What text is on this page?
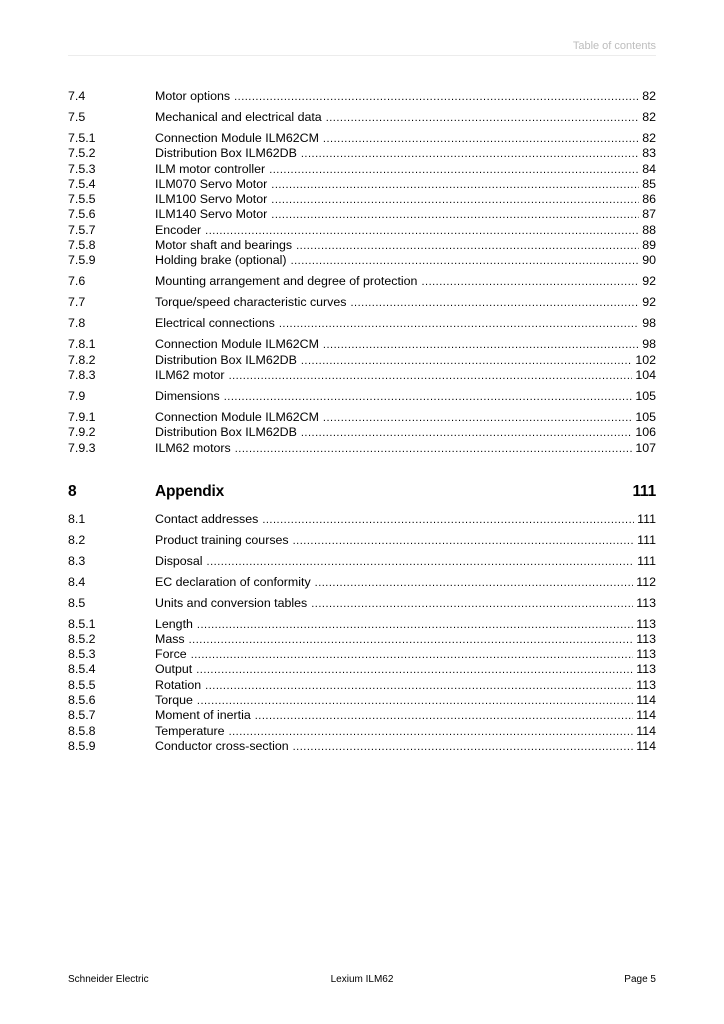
Table of contents
7.4	Motor options .....	82
7.5	Mechanical and electrical data .....	82
7.5.1	Connection Module ILM62CM .....	82
7.5.2	Distribution Box ILM62DB .....	83
7.5.3	ILM motor controller .....	84
7.5.4	ILM070 Servo Motor .....	85
7.5.5	ILM100 Servo Motor .....	86
7.5.6	ILM140 Servo Motor .....	87
7.5.7	Encoder .....	88
7.5.8	Motor shaft and bearings .....	89
7.5.9	Holding brake (optional) .....	90
7.6	Mounting arrangement and degree of protection .....	92
7.7	Torque/speed characteristic curves .....	92
7.8	Electrical connections .....	98
7.8.1	Connection Module ILM62CM .....	98
7.8.2	Distribution Box ILM62DB .....	102
7.8.3	ILM62 motor .....	104
7.9	Dimensions .....	105
7.9.1	Connection Module ILM62CM .....	105
7.9.2	Distribution Box ILM62DB .....	106
7.9.3	ILM62 motors .....	107
8	Appendix	111
8.1	Contact addresses .....	111
8.2	Product training courses .....	111
8.3	Disposal .....	111
8.4	EC declaration of conformity .....	112
8.5	Units and conversion tables .....	113
8.5.1	Length .....	113
8.5.2	Mass .....	113
8.5.3	Force .....	113
8.5.4	Output .....	113
8.5.5	Rotation .....	113
8.5.6	Torque .....	114
8.5.7	Moment of inertia .....	114
8.5.8	Temperature .....	114
8.5.9	Conductor cross-section .....	114
Schneider Electric	Lexium ILM62	Page 5
